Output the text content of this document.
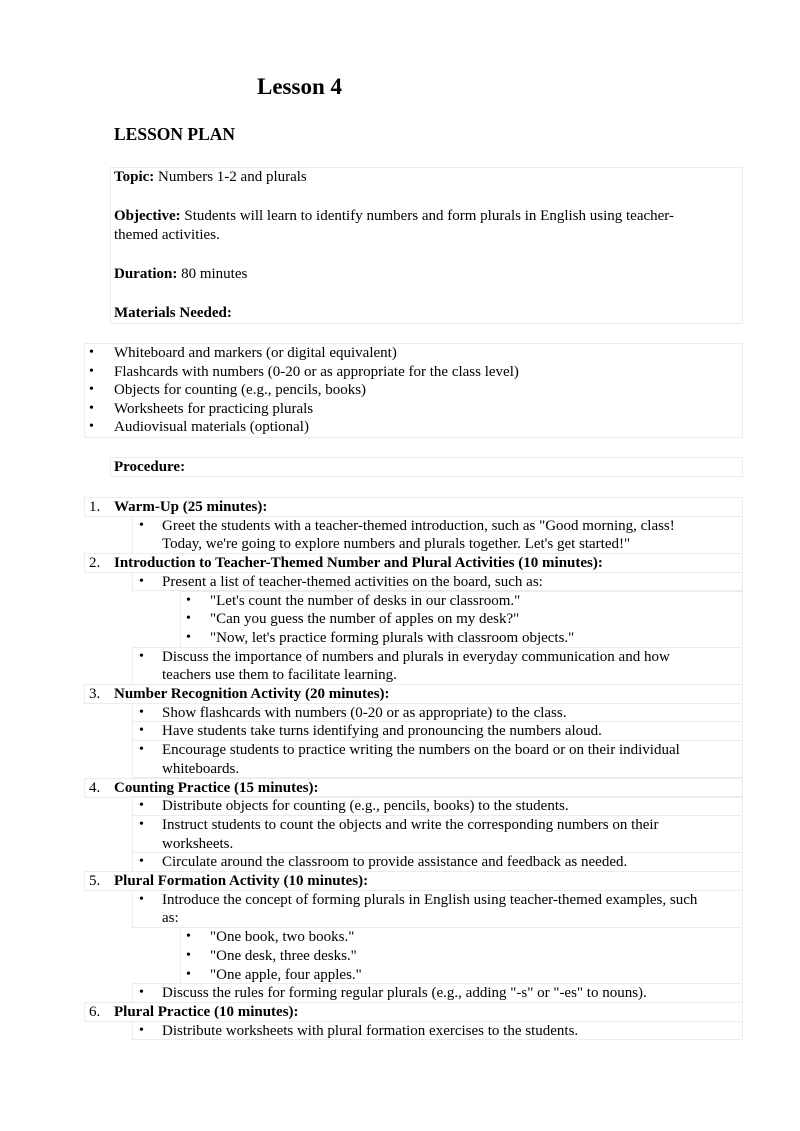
Lesson 4
LESSON PLAN
Topic: Numbers 1-2 and plurals
Objective: Students will learn to identify numbers and form plurals in English using teacher-
themed activities.
Duration: 80 minutes
Materials Needed:
• Whiteboard and markers (or digital equivalent)
• Flashcards with numbers (0-20 or as appropriate for the class level)
• Objects for counting (e.g., pencils, books)
• Worksheets for practicing plurals
• Audiovisual materials (optional)
Procedure:
1. Warm-Up (25 minutes):
• Greet the students with a teacher-themed introduction, such as "Good morning, class!
Today, we're going to explore numbers and plurals together. Let's get started!"
2. Introduction to Teacher-Themed Number and Plural Activities (10 minutes):
• Present a list of teacher-themed activities on the board, such as:
• "Let's count the number of desks in our classroom."
• "Can you guess the number of apples on my desk?"
• "Now, let's practice forming plurals with classroom objects."
• Discuss the importance of numbers and plurals in everyday communication and how
teachers use them to facilitate learning.
3. Number Recognition Activity (20 minutes):
• Show flashcards with numbers (0-20 or as appropriate) to the class.
• Have students take turns identifying and pronouncing the numbers aloud.
• Encourage students to practice writing the numbers on the board or on their individual
whiteboards.
4. Counting Practice (15 minutes):
• Distribute objects for counting (e.g., pencils, books) to the students.
• Instruct students to count the objects and write the corresponding numbers on their
worksheets.
• Circulate around the classroom to provide assistance and feedback as needed.
5. Plural Formation Activity (10 minutes):
• Introduce the concept of forming plurals in English using teacher-themed examples, such
as:
• "One book, two books."
• "One desk, three desks."
• "One apple, four apples."
• Discuss the rules for forming regular plurals (e.g., adding "-s" or "-es" to nouns).
6. Plural Practice (10 minutes):
• Distribute worksheets with plural formation exercises to the students.
